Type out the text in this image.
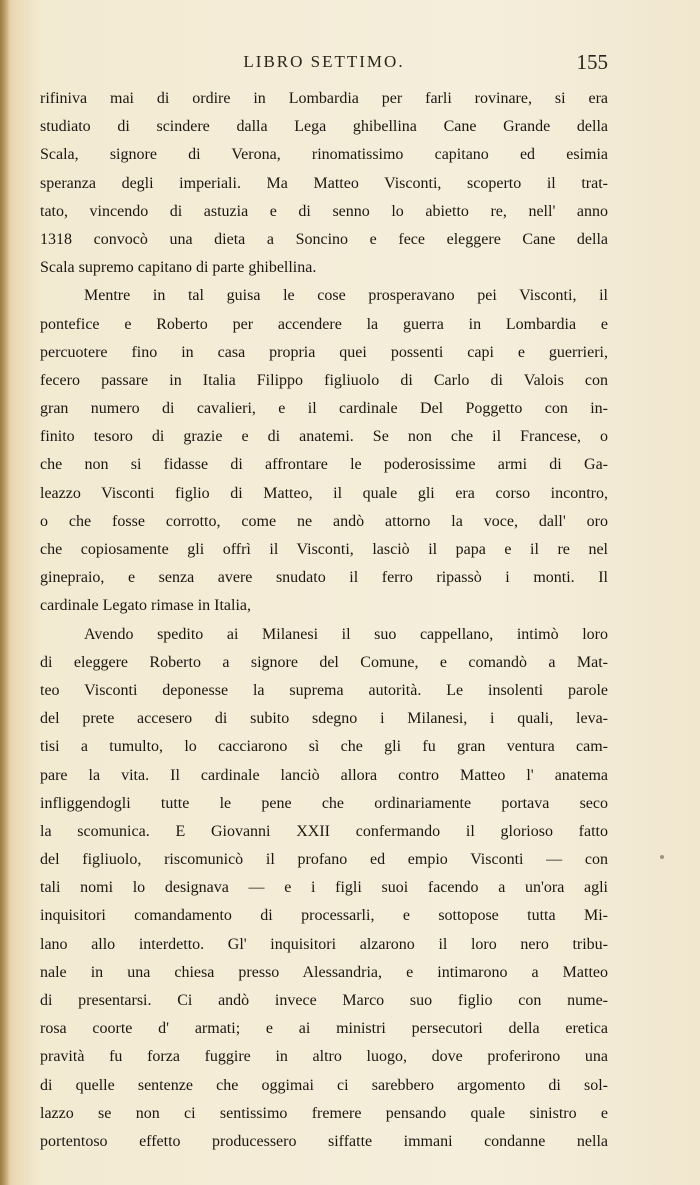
LIBRO SETTIMO.	155
rifiniva mai di ordire in Lombardia per farli rovinare, si era
studiato di scindere dalla Lega ghibellina Cane Grande della
Scala, signore di Verona, rinomatissimo capitano ed esimia
speranza degli imperiali. Ma Matteo Visconti, scoperto il trat-
tato, vincendo di astuzia e di senno lo abietto re, nell' anno
1318 convocò una dieta a Soncino e fece eleggere Cane della
Scala supremo capitano di parte ghibellina.
Mentre in tal guisa le cose prosperavano pei Visconti, il
pontefice e Roberto per accendere la guerra in Lombardia e
percuotere fino in casa propria quei possenti capi e guerrieri,
fecero passare in Italia Filippo figliuolo di Carlo di Valois con
gran numero di cavalieri, e il cardinale Del Poggetto con in-
finito tesoro di grazie e di anatemi. Se non che il Francese, o
che non si fidasse di affrontare le poderosissime armi di Ga-
leazzo Visconti figlio di Matteo, il quale gli era corso incontro,
o che fosse corrotto, come ne andò attorno la voce, dall' oro
che copiosamente gli offrì il Visconti, lasciò il papa e il re nel
ginepraio, e senza avere snudato il ferro ripassò i monti. Il
cardinale Legato rimase in Italia,
Avendo spedito ai Milanesi il suo cappellano, intimò loro
di eleggere Roberto a signore del Comune, e comandò a Mat-
teo Visconti deponesse la suprema autorità. Le insolenti parole
del prete accesero di subito sdegno i Milanesi, i quali, leva-
tisi a tumulto, lo cacciarono sì che gli fu gran ventura cam-
pare la vita. Il cardinale lanciò allora contro Matteo l' anatema
infliggendogli tutte le pene che ordinariamente portava seco
la scomunica. E Giovanni XXII confermando il glorioso fatto
del figliuolo, riscomunicò il profano ed empio Visconti — con
tali nomi lo designava — e i figli suoi facendo a un'ora agli
inquisitori comandamento di processarli, e sottopose tutta Mi-
lano allo interdetto. Gl' inquisitori alzarono il loro nero tribu-
nale in una chiesa presso Alessandria, e intimarono a Matteo
di presentarsi. Ci andò invece Marco suo figlio con nume-
rosa coorte d' armati; e ai ministri persecutori della eretica
pravità fu forza fuggire in altro luogo, dove proferirono una
di quelle sentenze che oggimai ci sarebbero argomento di sol-
lazzo se non ci sentissimo fremere pensando quale sinistro e
portentoso effetto producessero siffatte immani condanne nella
